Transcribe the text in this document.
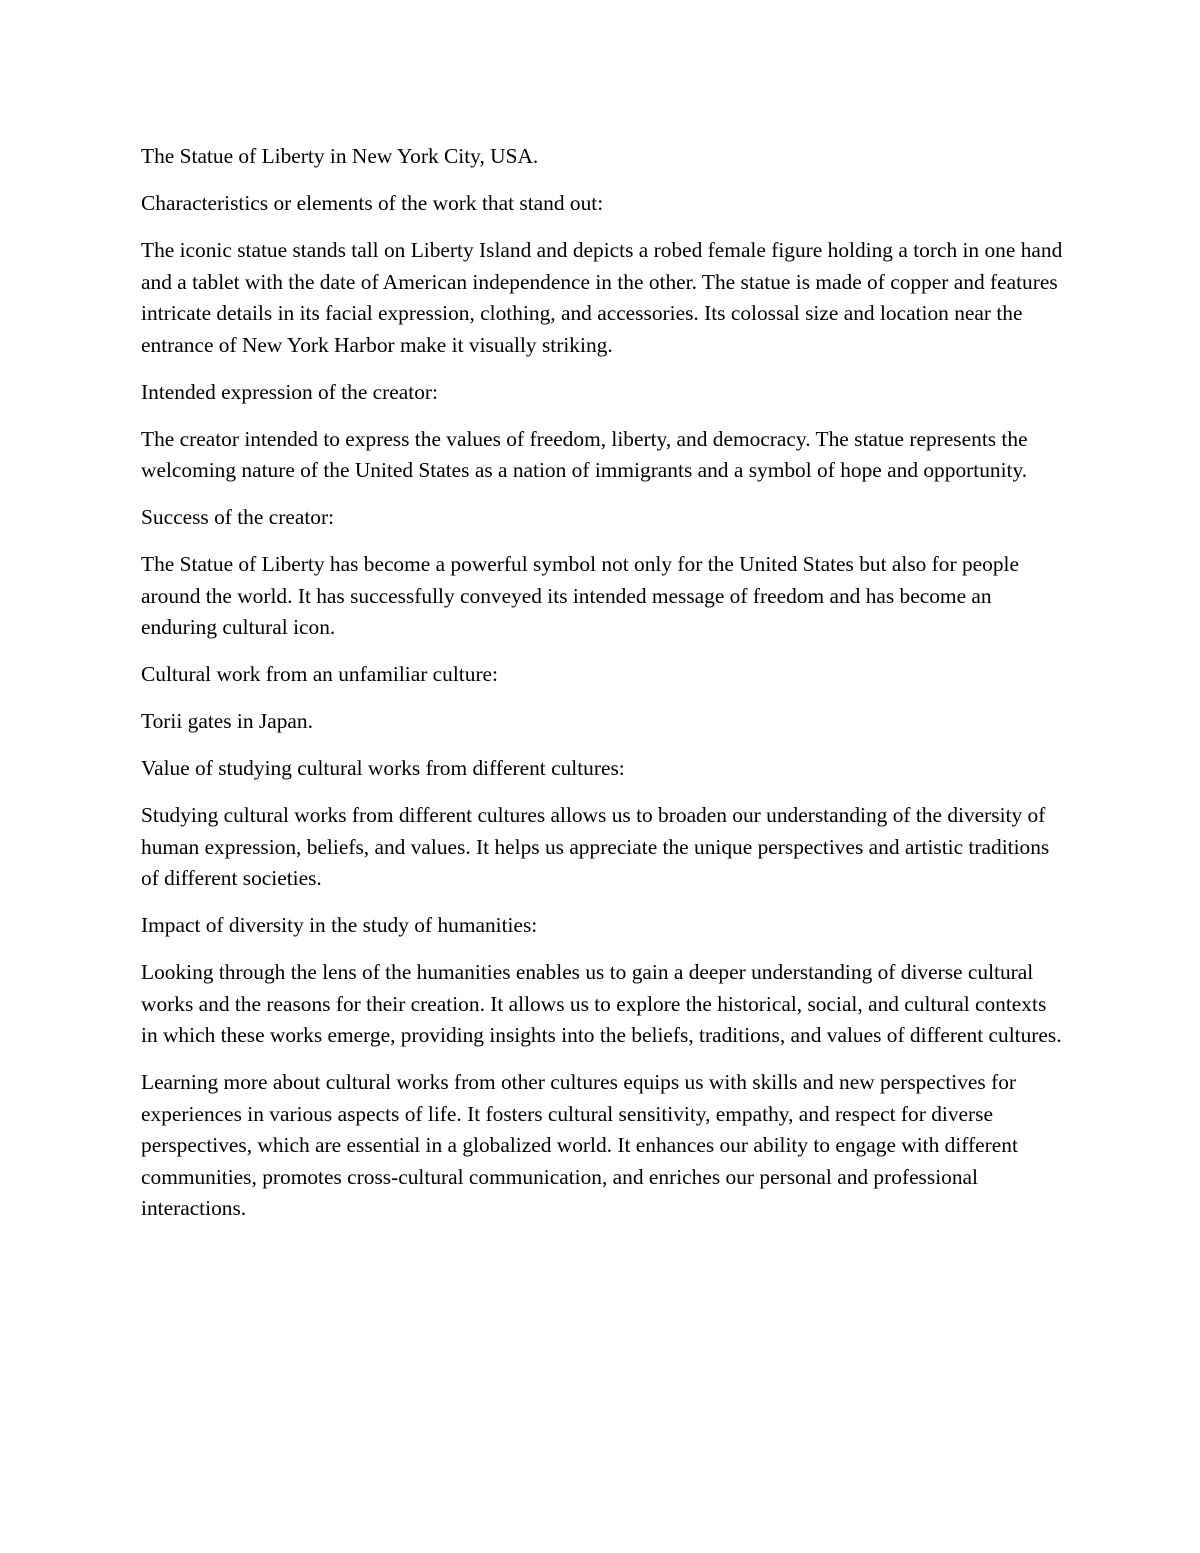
The Statue of Liberty in New York City, USA.

Characteristics or elements of the work that stand out:

The iconic statue stands tall on Liberty Island and depicts a robed female figure holding a torch in one hand and a tablet with the date of American independence in the other. The statue is made of copper and features intricate details in its facial expression, clothing, and accessories. Its colossal size and location near the entrance of New York Harbor make it visually striking.

Intended expression of the creator:

The creator intended to express the values of freedom, liberty, and democracy. The statue represents the welcoming nature of the United States as a nation of immigrants and a symbol of hope and opportunity.

Success of the creator:

The Statue of Liberty has become a powerful symbol not only for the United States but also for people around the world. It has successfully conveyed its intended message of freedom and has become an enduring cultural icon.

Cultural work from an unfamiliar culture:

Torii gates in Japan.

Value of studying cultural works from different cultures:

Studying cultural works from different cultures allows us to broaden our understanding of the diversity of human expression, beliefs, and values. It helps us appreciate the unique perspectives and artistic traditions of different societies.

Impact of diversity in the study of humanities:

Looking through the lens of the humanities enables us to gain a deeper understanding of diverse cultural works and the reasons for their creation. It allows us to explore the historical, social, and cultural contexts in which these works emerge, providing insights into the beliefs, traditions, and values of different cultures.

Learning more about cultural works from other cultures equips us with skills and new perspectives for experiences in various aspects of life. It fosters cultural sensitivity, empathy, and respect for diverse perspectives, which are essential in a globalized world. It enhances our ability to engage with different communities, promotes cross-cultural communication, and enriches our personal and professional interactions.
